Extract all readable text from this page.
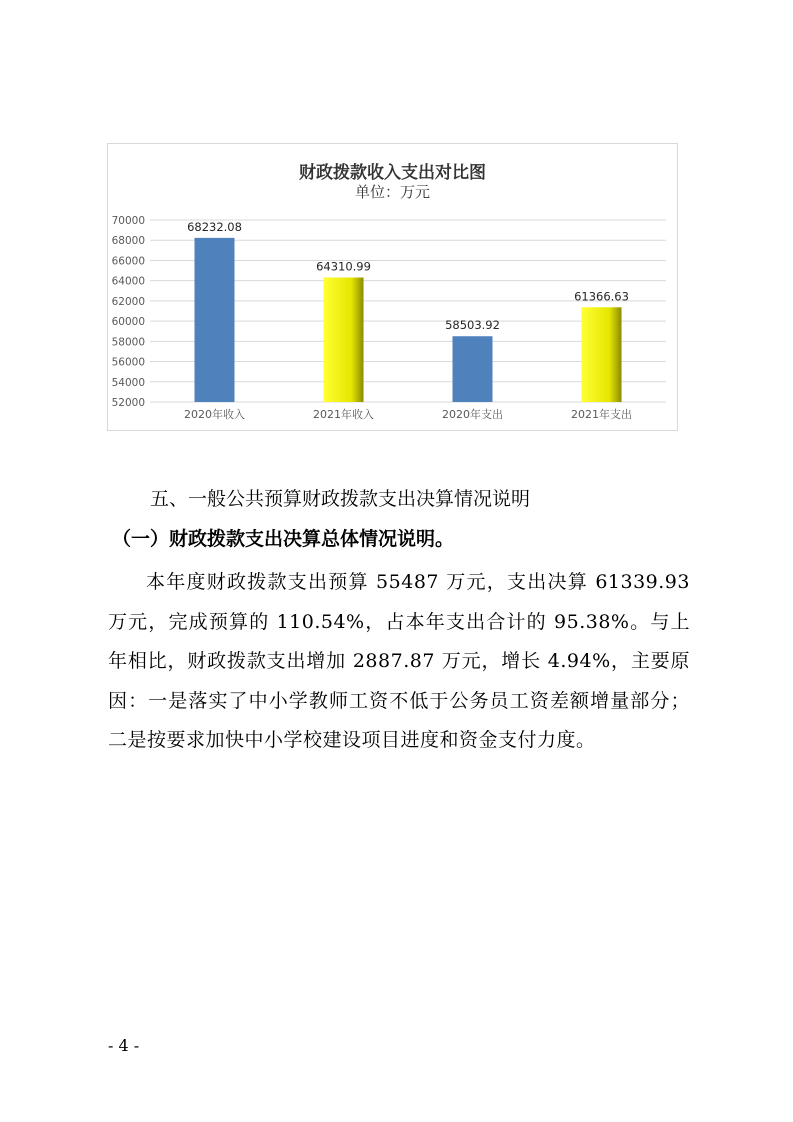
财政拨款收入支出对比图
单位：万元
52000
54000
56000
58000
60000
62000
64000
66000
68000
70000	68232.08
2020年收入
64310.99
2021年收入
58503.92
2020年支出
61366.63
2021年支出
五、一般公共预算财政拨款支出决算情况说明
（一）财政拨款支出决算总体情况说明。
本年度财政拨款支出预算 55487 万元，支出决算 61339.93 万元，完成预算的 110.54%，占本年支出合计的 95.38%。与上年相比，财政拨款支出增加 2887.87 万元，增长 4.94%，主要原因：一是落实了中小学教师工资不低于公务员工资差额增量部分；二是按要求加快中小学校建设项目进度和资金支付力度。
- 4 -
